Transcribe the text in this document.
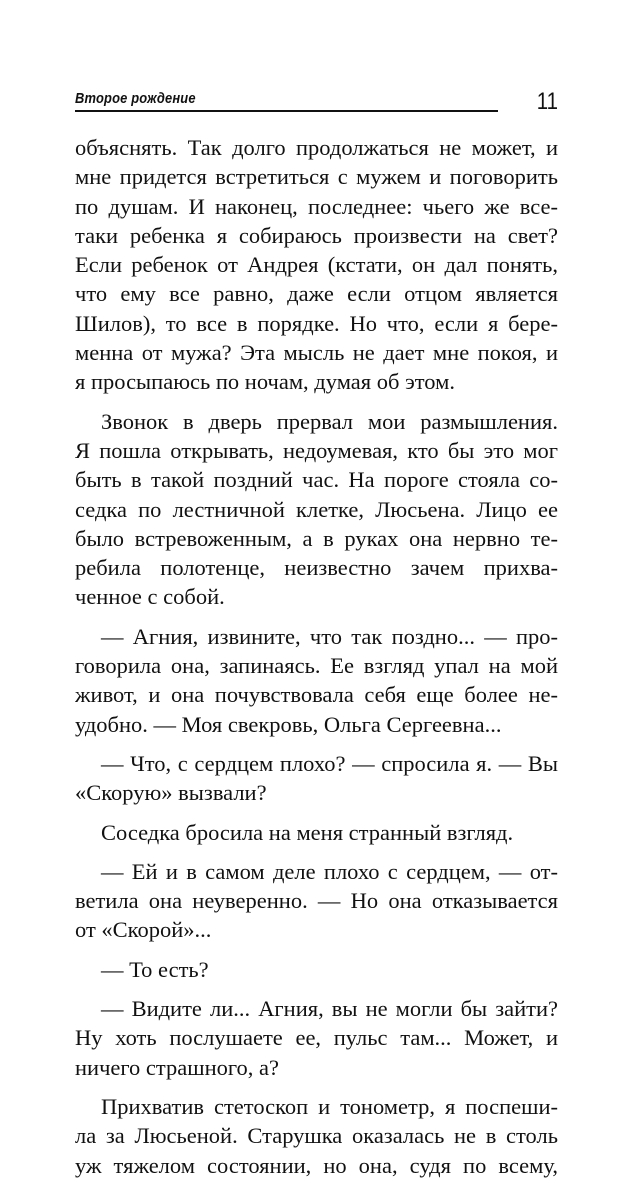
Второе рождение	11
объяснять. Так долго продолжаться не может, и
мне придется встретиться с мужем и поговорить
по душам. И наконец, последнее: чьего же все-
таки ребенка я собираюсь произвести на свет?
Если ребенок от Андрея (кстати, он дал понять,
что ему все равно, даже если отцом является
Шилов), то все в порядке. Но что, если я бере-
менна от мужа? Эта мысль не дает мне покоя, и
я просыпаюсь по ночам, думая об этом.
Звонок в дверь прервал мои размышления.
Я пошла открывать, недоумевая, кто бы это мог
быть в такой поздний час. На пороге стояла со-
седка по лестничной клетке, Люсьена. Лицо ее
было встревоженным, а в руках она нервно те-
ребила полотенце, неизвестно зачем прихва-
ченное с собой.
— Агния, извините, что так поздно... — про-
говорила она, запинаясь. Ее взгляд упал на мой
живот, и она почувствовала себя еще более не-
удобно. — Моя свекровь, Ольга Сергеевна...
— Что, с сердцем плохо? — спросила я. — Вы
«Скорую» вызвали?
Соседка бросила на меня странный взгляд.
— Ей и в самом деле плохо с сердцем, — от-
ветила она неуверенно. — Но она отказывается
от «Скорой»...
— То есть?
— Видите ли... Агния, вы не могли бы зайти?
Ну хоть послушаете ее, пульс там... Может, и
ничего страшного, а?
Прихватив стетоскоп и тонометр, я поспеши-
ла за Люсьеной. Старушка оказалась не в столь
уж тяжелом состоянии, но она, судя по всему,
